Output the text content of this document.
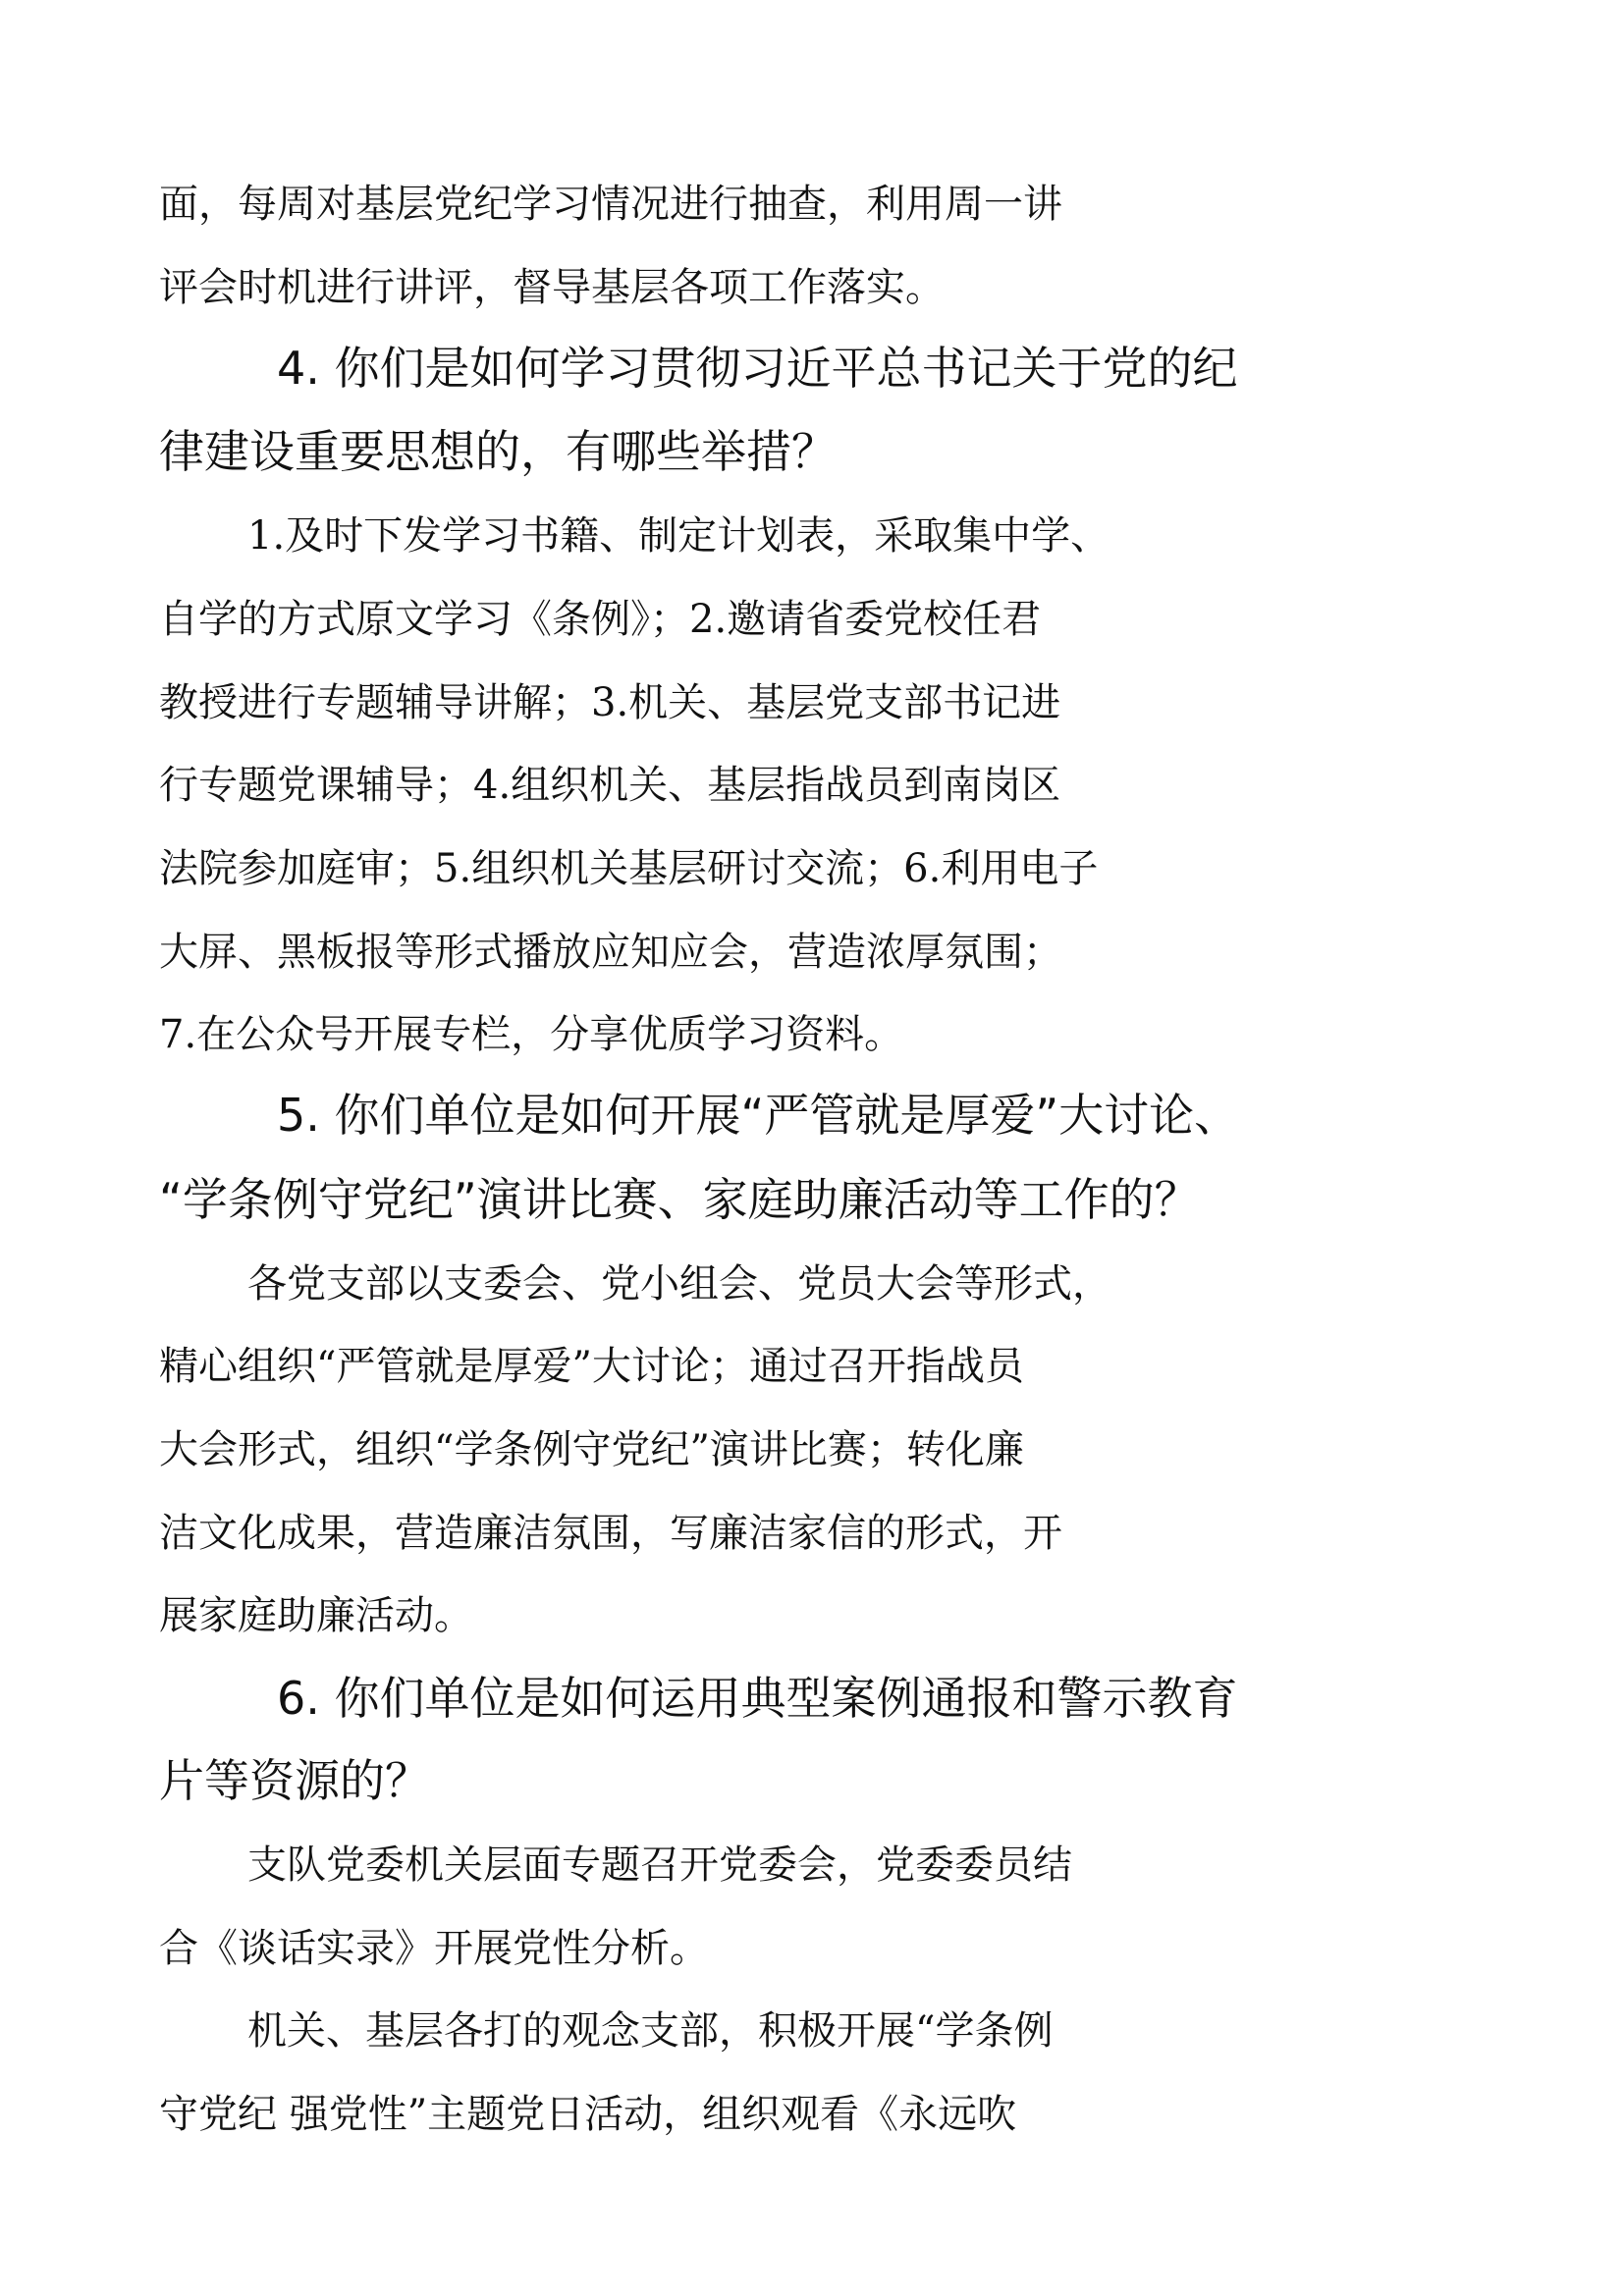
面，每周对基层党纪学习情况进行抽查，利用周一讲
评会时机进行讲评，督导基层各项工作落实。
4. 你们是如何学习贯彻习近平总书记关于党的纪
律建设重要思想的，有哪些举措？
1.及时下发学习书籍、制定计划表，采取集中学、
自学的方式原文学习《条例》；2.邀请省委党校任君
教授进行专题辅导讲解；3.机关、基层党支部书记进
行专题党课辅导；4.组织机关、基层指战员到南岗区
法院参加庭审；5.组织机关基层研讨交流；6.利用电子
大屏、黑板报等形式播放应知应会，营造浓厚氛围；
7.在公众号开展专栏，分享优质学习资料。
5. 你们单位是如何开展“严管就是厚爱”大讨论、
“学条例守党纪”演讲比赛、家庭助廉活动等工作的？
各党支部以支委会、党小组会、党员大会等形式，
精心组织“严管就是厚爱”大讨论；通过召开指战员
大会形式，组织“学条例守党纪”演讲比赛；转化廉
洁文化成果，营造廉洁氛围，写廉洁家信的形式，开
展家庭助廉活动。
6. 你们单位是如何运用典型案例通报和警示教育
片等资源的？
支队党委机关层面专题召开党委会，党委委员结
合《谈话实录》开展党性分析。
机关、基层各打的观念支部，积极开展“学条例
守党纪 强党性”主题党日活动，组织观看《永远吹
